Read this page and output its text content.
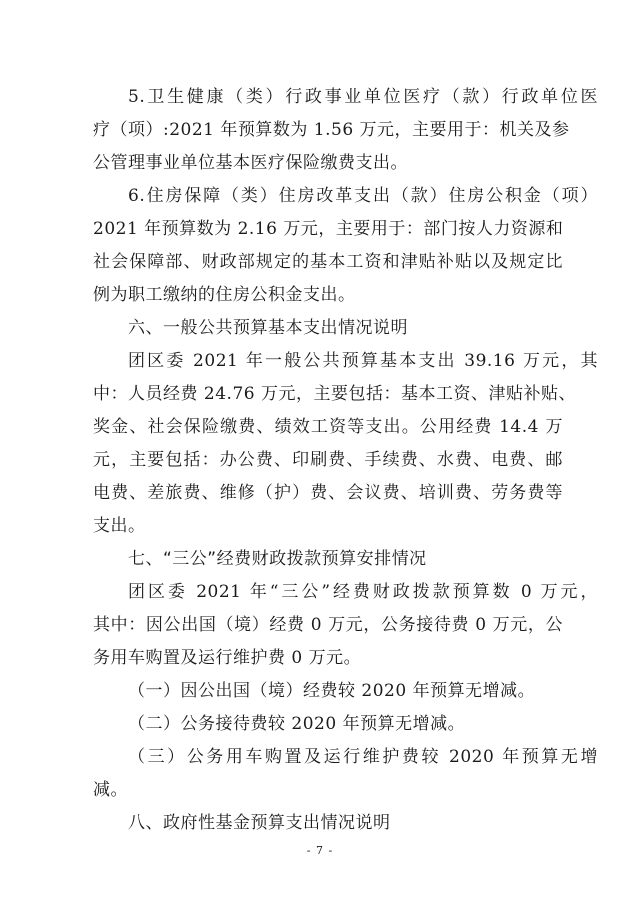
5.卫生健康（类）行政事业单位医疗（款）行政单位医
疗（项）:2021 年预算数为 1.56 万元，主要用于：机关及参
公管理事业单位基本医疗保险缴费支出。
6.住房保障（类）住房改革支出（款）住房公积金（项）
2021 年预算数为 2.16 万元，主要用于：部门按人力资源和
社会保障部、财政部规定的基本工资和津贴补贴以及规定比
例为职工缴纳的住房公积金支出。
六、一般公共预算基本支出情况说明
团区委 2021 年一般公共预算基本支出 39.16 万元，其
中：人员经费 24.76 万元，主要包括：基本工资、津贴补贴、
奖金、社会保险缴费、绩效工资等支出。公用经费 14.4 万
元，主要包括：办公费、印刷费、手续费、水费、电费、邮
电费、差旅费、维修（护）费、会议费、培训费、劳务费等
支出。
七、“三公”经费财政拨款预算安排情况
团区委 2021 年“三公”经费财政拨款预算数 0 万元，
其中：因公出国（境）经费 0 万元，公务接待费 0 万元，公
务用车购置及运行维护费 0 万元。
（一）因公出国（境）经费较 2020 年预算无增减。
（二）公务接待费较 2020 年预算无增减。
（三）公务用车购置及运行维护费较 2020 年预算无增
减。
八、政府性基金预算支出情况说明
- 7 -
